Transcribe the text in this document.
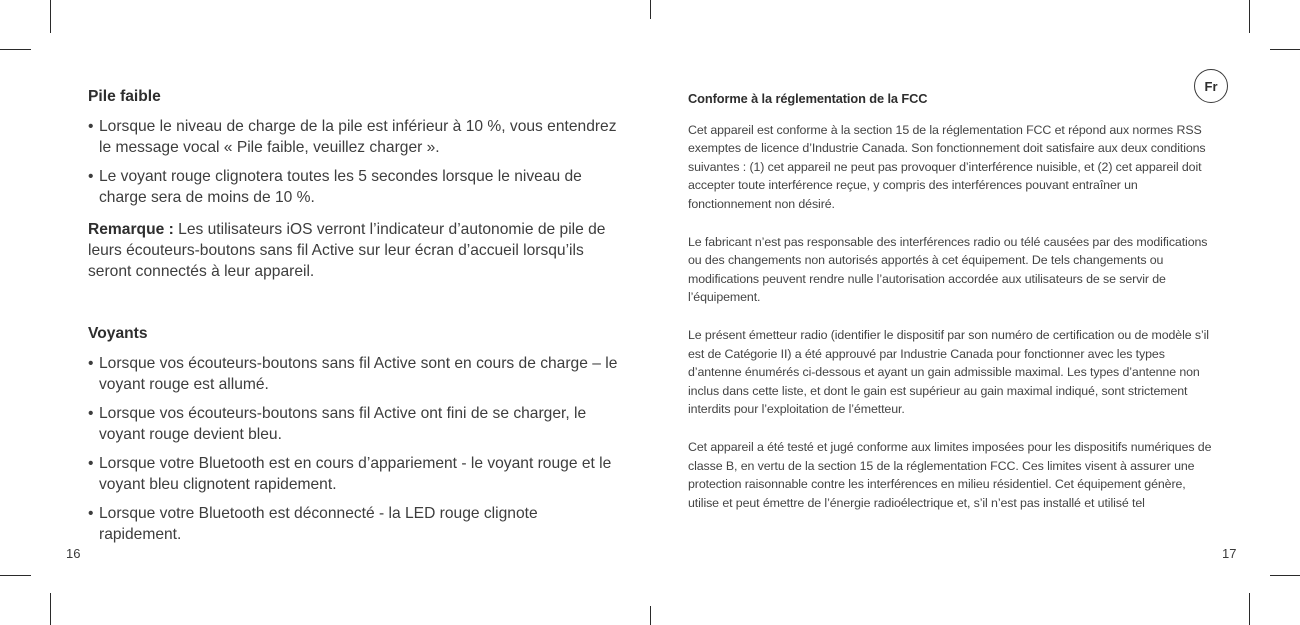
Pile faible
• Lorsque le niveau de charge de la pile est inférieur à 10 %, vous entendrez le message vocal « Pile faible, veuillez charger ».
• Le voyant rouge clignotera toutes les 5 secondes lorsque le niveau de charge sera de moins de 10 %.
Remarque : Les utilisateurs iOS verront l’indicateur d’autonomie de pile de leurs écouteurs-boutons sans fil Active sur leur écran d’accueil lorsqu’ils seront connectés à leur appareil.
Voyants
• Lorsque vos écouteurs-boutons sans fil Active sont en cours de charge – le voyant rouge est allumé.
• Lorsque vos écouteurs-boutons sans fil Active ont fini de se charger, le voyant rouge devient bleu.
• Lorsque votre Bluetooth est en cours d’appariement - le voyant rouge et le voyant bleu clignotent rapidement.
• Lorsque votre Bluetooth est déconnecté - la LED rouge clignote rapidement.
16
Fr
Conforme à la réglementation de la FCC

Cet appareil est conforme à la section 15 de la réglementation FCC et répond aux normes RSS exemptes de licence d’Industrie Canada. Son fonctionnement doit satisfaire aux deux conditions suivantes : (1) cet appareil ne peut pas provoquer d’interférence nuisible, et (2) cet appareil doit accepter toute interférence reçue, y compris des interférences pouvant entraîner un fonctionnement non désiré.

Le fabricant n’est pas responsable des interférences radio ou télé causées par des modifications ou des changements non autorisés apportés à cet équipement. De tels changements ou modifications peuvent rendre nulle l’autorisation accordée aux utilisateurs de se servir de l’équipement.

Le présent émetteur radio (identifier le dispositif par son numéro de certification ou de modèle s’il est de Catégorie II) a été approuvé par Industrie Canada pour fonctionner avec les types d’antenne énumérés ci-dessous et ayant un gain admissible maximal. Les types d’antenne non inclus dans cette liste, et dont le gain est supérieur au gain maximal indiqué, sont strictement interdits pour l’exploitation de l’émetteur.

Cet appareil a été testé et jugé conforme aux limites imposées pour les dispositifs numériques de classe B, en vertu de la section 15 de la réglementation FCC. Ces limites visent à assurer une protection raisonnable contre les interférences en milieu résidentiel. Cet équipement génère, utilise et peut émettre de l’énergie radioélectrique et, s’il n’est pas installé et utilisé tel

17
